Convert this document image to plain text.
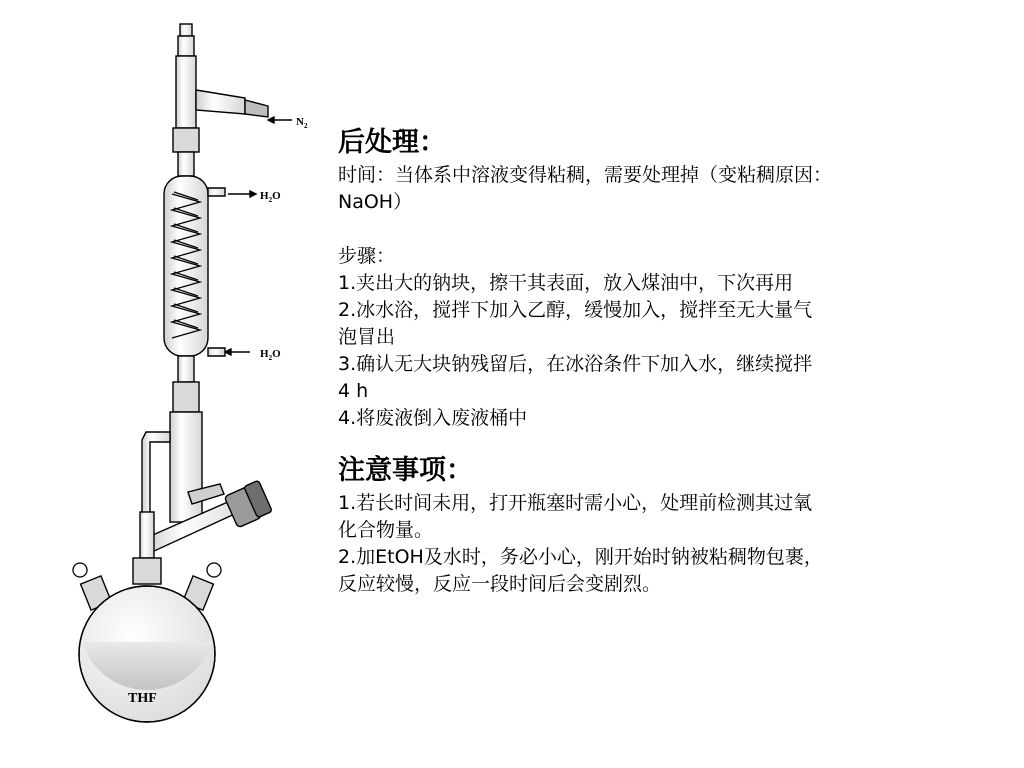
$N_2$
$H_2O$
$H_2O$
THF

后处理：

时间：当体系中溶液变得粘稠，需要处理掉（变粘稠原因：

NaOH）

步骤：

1.夹出大的钠块，擦干其表面，放入煤油中，下次再用

2.冰水浴，搅拌下加入乙醇，缓慢加入，搅拌至无大量气

泡冒出

3.确认无大块钠残留后，在冰浴条件下加入水，继续搅拌

4 h

4.将废液倒入废液桶中

注意事项：

1.若长时间未用，打开瓶塞时需小心，处理前检测其过氧

化合物量。

2.加EtOH及水时，务必小心，刚开始时钠被粘稠物包裹，

反应较慢，反应一段时间后会变剧烈。
